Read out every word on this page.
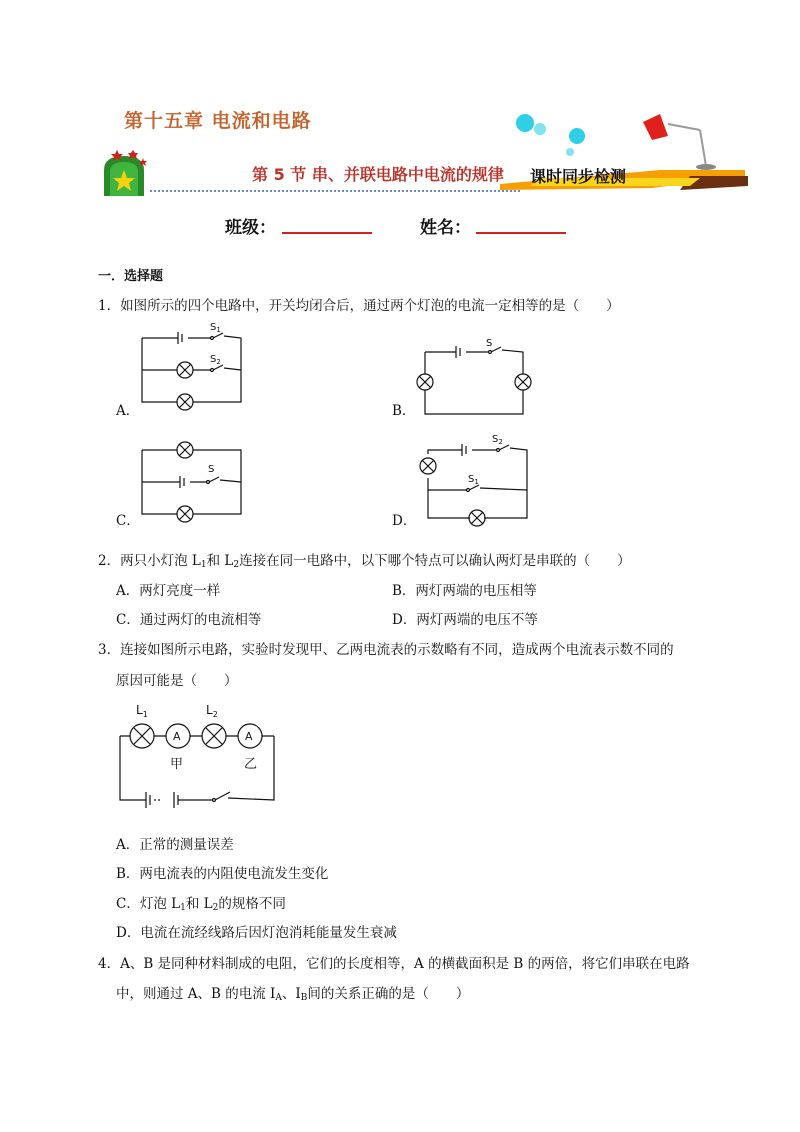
第十五章 电流和电路
第 5 节 串、并联电路中电流的规律 课时同步检测
班级：	姓名：
一．选择题
1．如图所示的四个电路中，开关均闭合后，通过两个灯泡的电流一定相等的是（　　）
$S_1$
$S_2$
A．
S
B．
S
C．
$S_2$
$S_1$
D．
2．两只小灯泡 $L_1$和 $L_2$连接在同一电路中，以下哪个特点可以确认两灯是串联的（　　）
A．两灯亮度一样	B．两灯两端的电压相等
C．通过两灯的电流相等	D．两灯两端的电压不等
3．连接如图所示电路，实验时发现甲、乙两电流表的示数略有不同，造成两个电流表示数不同的
原因可能是（　　）
A	A
$L_1$	$L_2$
甲	乙
A．正常的测量误差
B．两电流表的内阻使电流发生变化
C．灯泡 $L_1$和 $L_2$的规格不同
D．电流在流经线路后因灯泡消耗能量发生衰减
4．A、B 是同种材料制成的电阻，它们的长度相等，A 的横截面积是 B 的两倍，将它们串联在电路
中，则通过 A、B 的电流 $I_A$、$I_B$间的关系正确的是（　　）
